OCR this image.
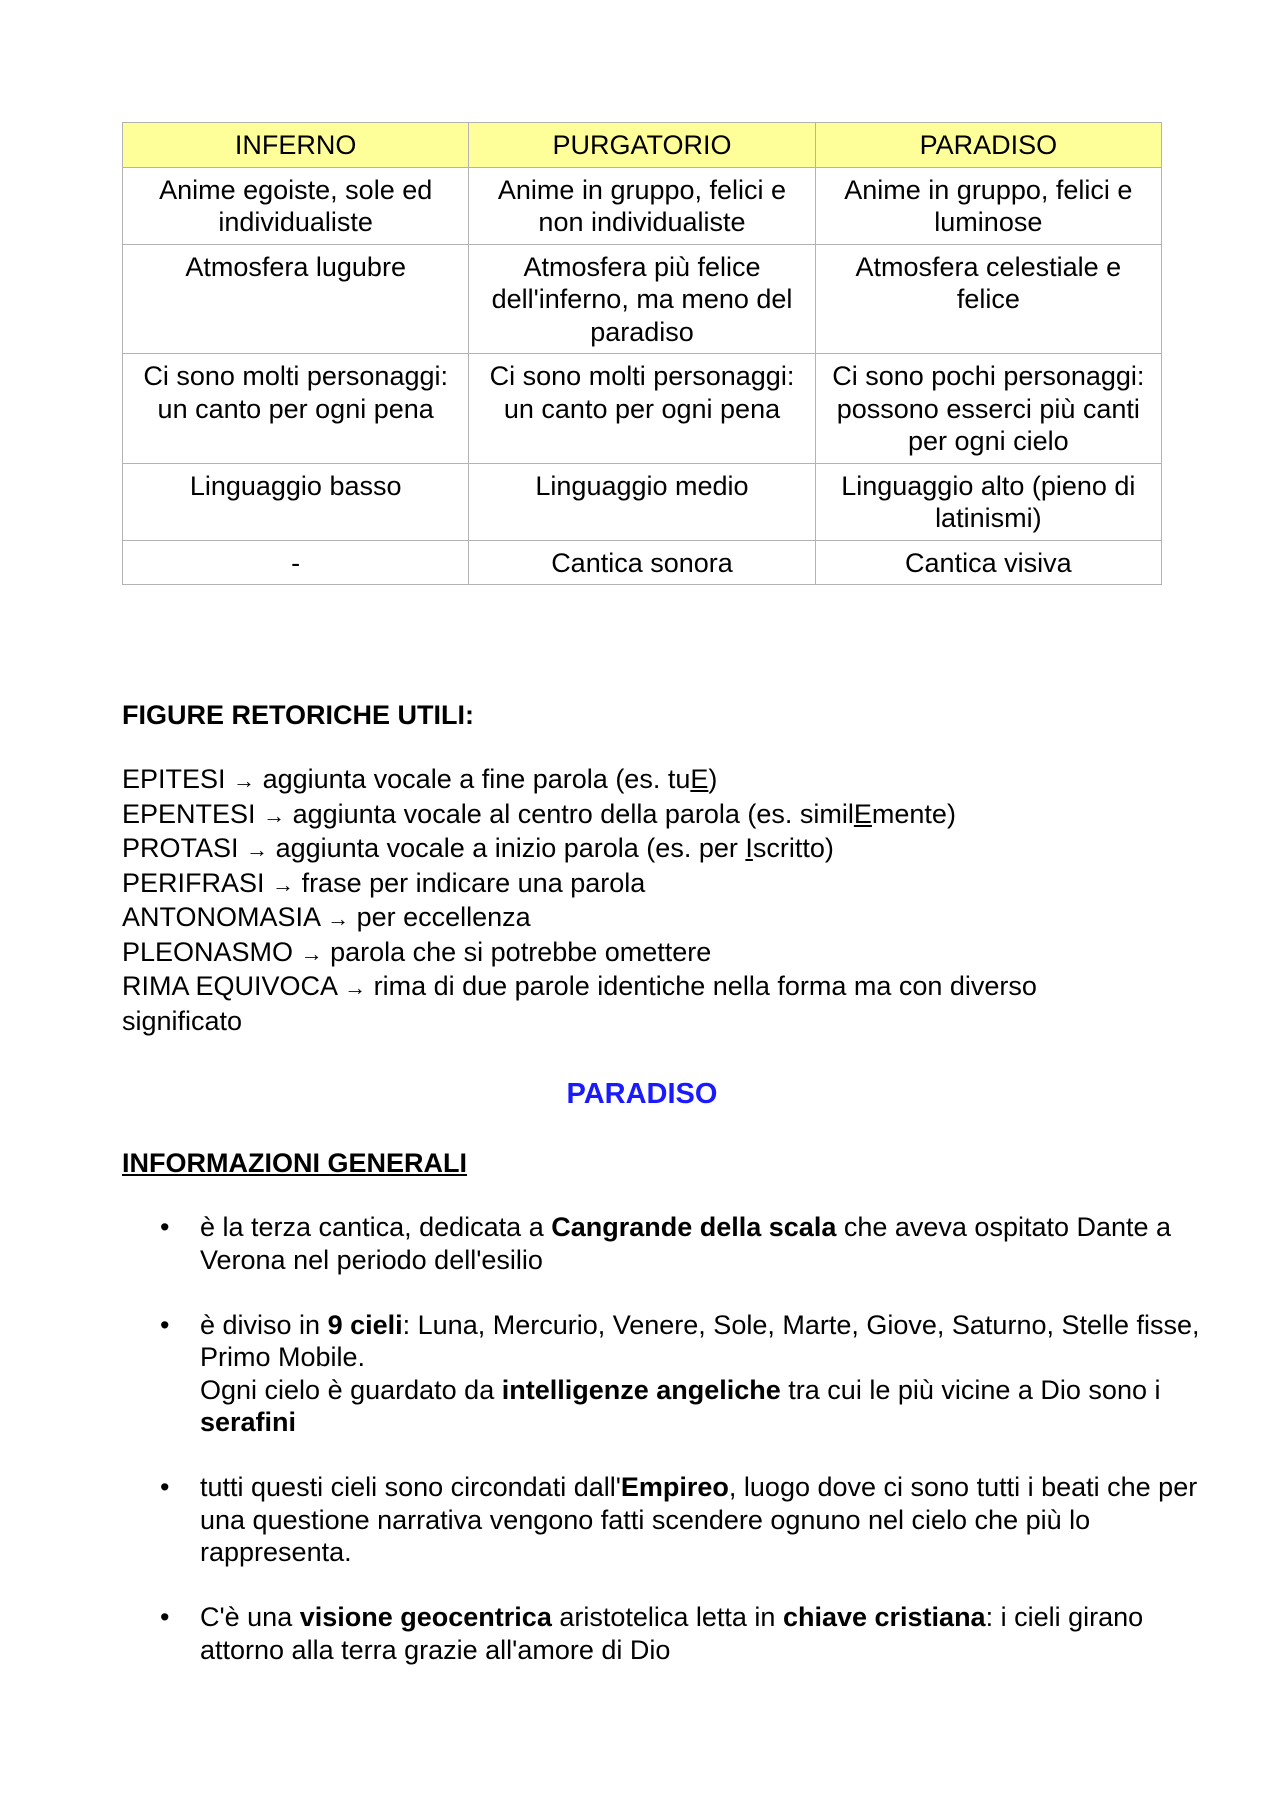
INFERNO	PURGATORIO	PARADISO
Anime egoiste, sole ed individualiste	Anime in gruppo, felici e non individualiste	Anime in gruppo, felici e luminose
Atmosfera lugubre	Atmosfera più felice dell'inferno, ma meno del paradiso	Atmosfera celestiale e felice
Ci sono molti personaggi: un canto per ogni pena	Ci sono molti personaggi: un canto per ogni pena	Ci sono pochi personaggi: possono esserci più canti per ogni cielo
Linguaggio basso	Linguaggio medio	Linguaggio alto (pieno di latinismi)
-	Cantica sonora	Cantica visiva
FIGURE RETORICHE UTILI:
EPITESI → aggiunta vocale a fine parola (es. tuE)
EPENTESI → aggiunta vocale al centro della parola (es. similEmente)
PROTASI → aggiunta vocale a inizio parola (es. per Iscritto)
PERIFRASI → frase per indicare una parola
ANTONOMASIA → per eccellenza
PLEONASMO → parola che si potrebbe omettere
RIMA EQUIVOCA → rima di due parole identiche nella forma ma con diverso significato
PARADISO
INFORMAZIONI GENERALI
• è la terza cantica, dedicata a Cangrande della scala che aveva ospitato Dante a Verona nel periodo dell'esilio
• è diviso in 9 cieli: Luna, Mercurio, Venere, Sole, Marte, Giove, Saturno, Stelle fisse, Primo Mobile.
Ogni cielo è guardato da intelligenze angeliche tra cui le più vicine a Dio sono i serafini
• tutti questi cieli sono circondati dall'Empireo, luogo dove ci sono tutti i beati che per una questione narrativa vengono fatti scendere ognuno nel cielo che più lo rappresenta.
• C'è una visione geocentrica aristotelica letta in chiave cristiana: i cieli girano attorno alla terra grazie all'amore di Dio
